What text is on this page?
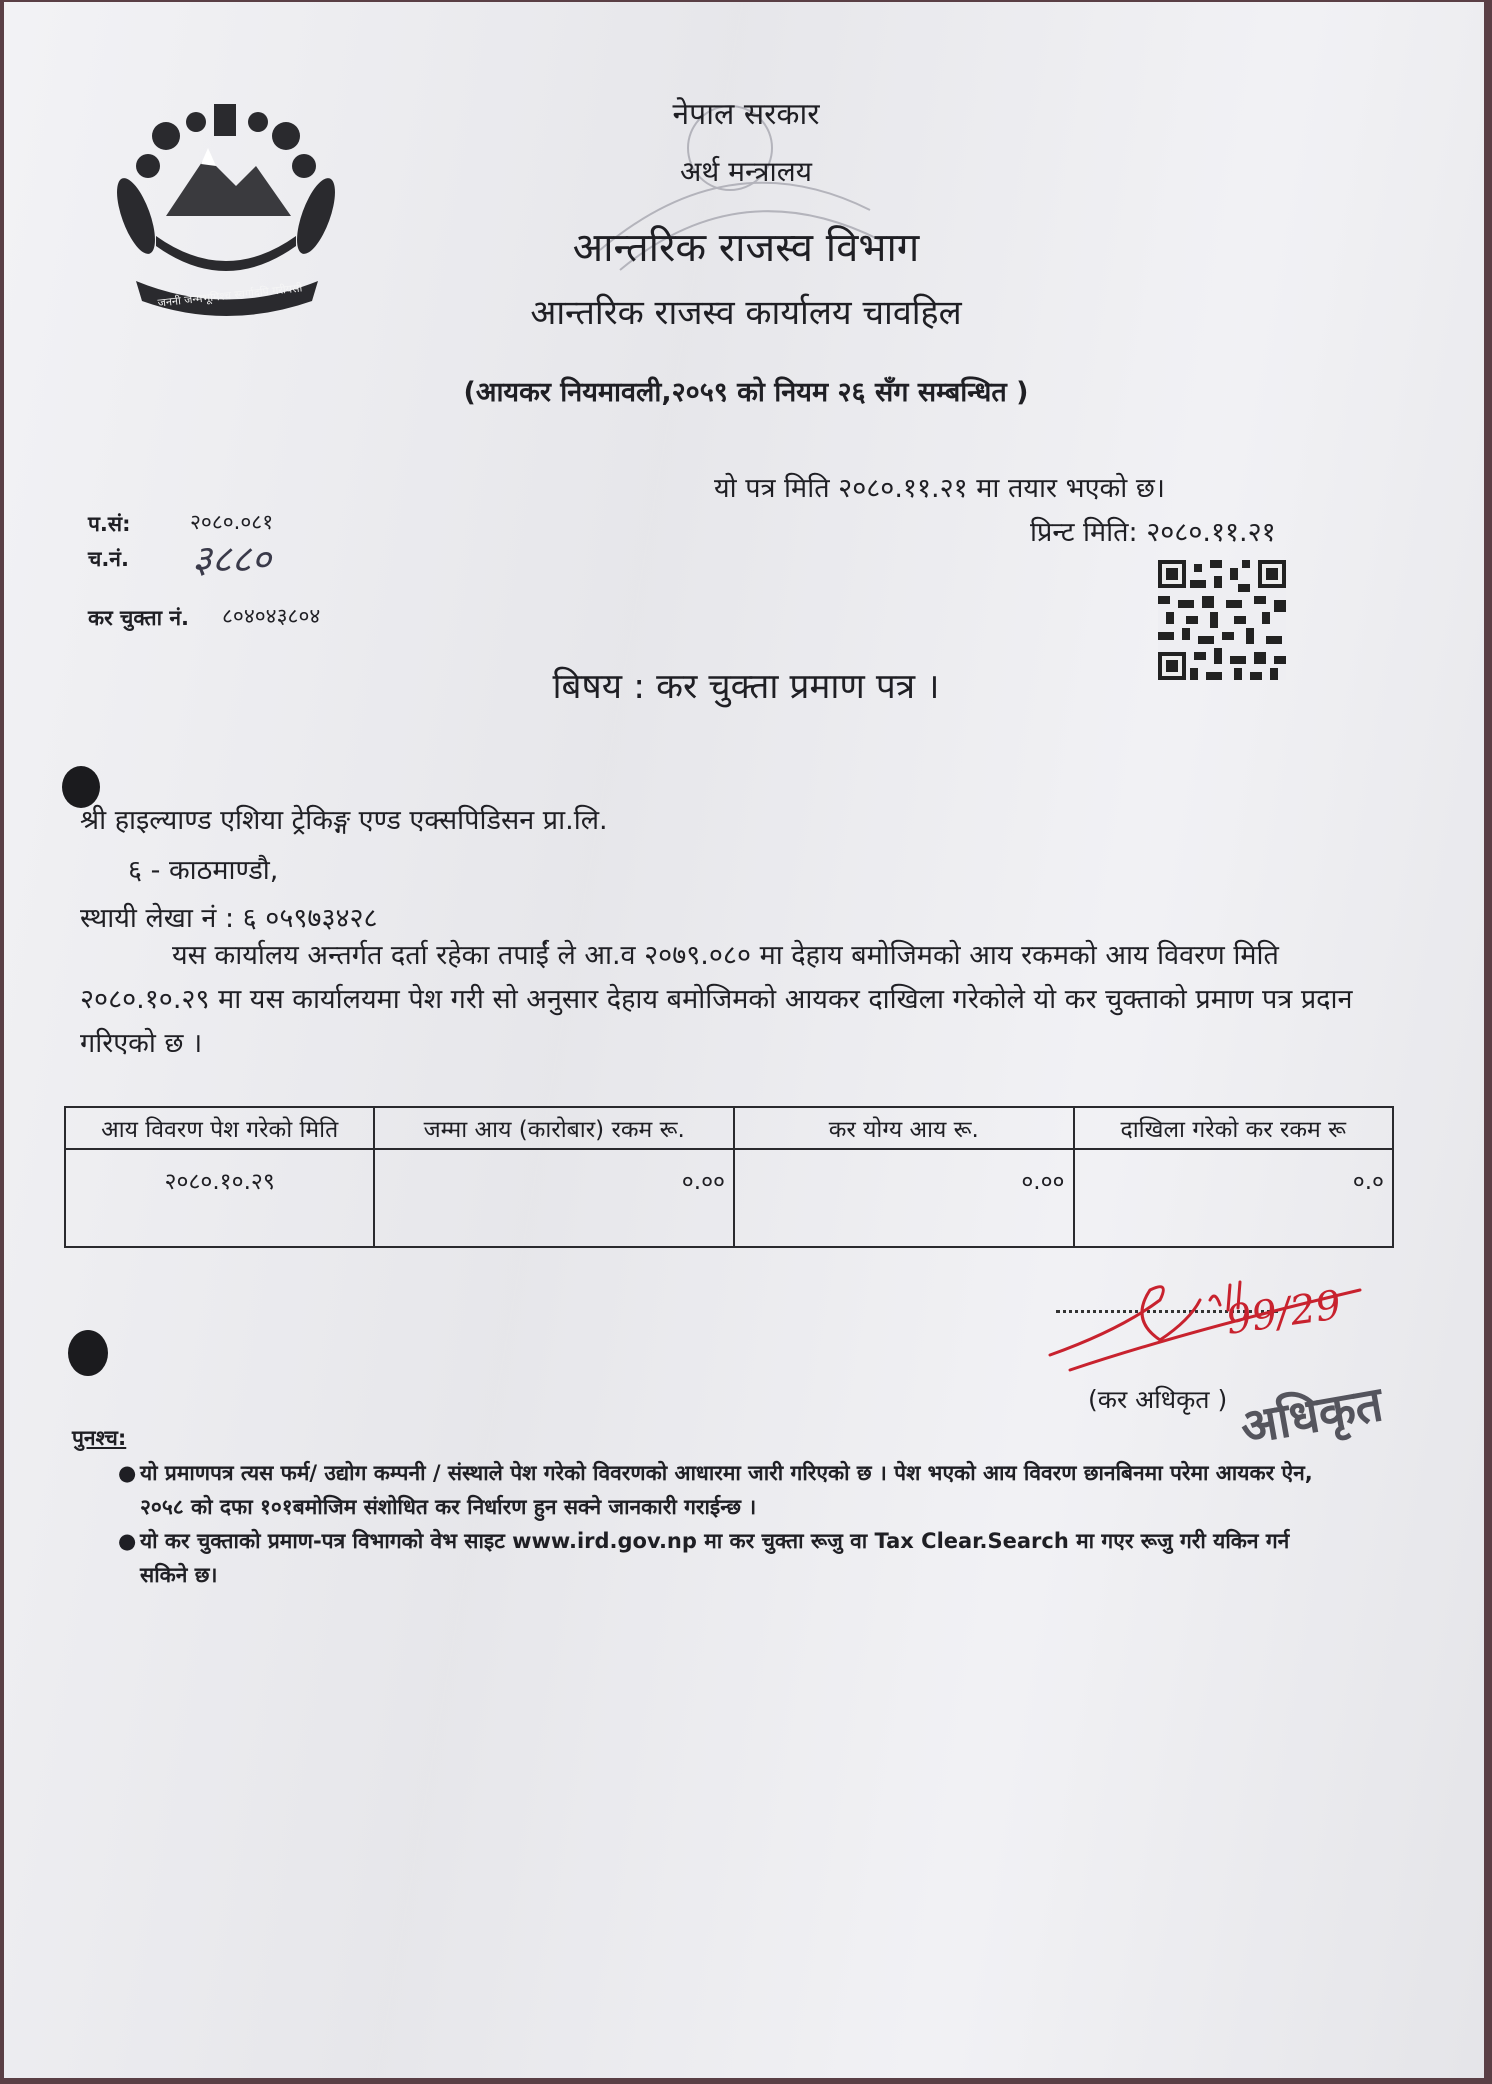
जननी जन्मभूमिश्च स्वर्गादपि गरीयसी
नेपाल सरकार
अर्थ मन्त्रालय
आन्तरिक राजस्व विभाग
आन्तरिक राजस्व कार्यालय चावहिल
(आयकर नियमावली,२०५९ को नियम २६ सँग सम्बन्धित )
यो पत्र मिति २०८०.११.२१ मा तयार भएको छ।
प्रिन्ट मिति: २०८०.११.२१
प.सं:	२०८०.०८१
च.नं. ३८८०
कर चुक्ता नं. ८०४०४३८०४
बिषय : कर चुक्ता प्रमाण पत्र ।
श्री हाइल्याण्ड एशिया ट्रेकिङ्ग एण्ड एक्सपिडिसन प्रा.लि.
६ - काठमाण्डौ,
स्थायी लेखा नं : ६ ०५९७३४२८
यस कार्यालय अन्तर्गत दर्ता रहेका तपाईं ले आ.व २०७९.०८० मा देहाय बमोजिमको आय रकमको आय विवरण मिति २०८०.१०.२९ मा यस कार्यालयमा पेश गरी सो अनुसार देहाय बमोजिमको आयकर दाखिला गरेकोले यो कर चुक्ताको प्रमाण पत्र प्रदान गरिएको छ ।
आय विवरण पेश गरेको मिति	जम्मा आय (कारोबार) रकम रू.	कर योग्य आय रू.	दाखिला गरेको कर रकम रू
२०८०.१०.२९	०.००	०.००	०.०
99/29
(कर अधिकृत ) अधिकृत
पुनश्च:
● यो प्रमाणपत्र त्यस फर्म/ उद्योग कम्पनी / संस्थाले पेश गरेको विवरणको आधारमा जारी गरिएको छ । पेश भएको आय विवरण छानबिनमा परेमा आयकर ऐन, २०५८ को दफा १०१बमोजिम संशोधित कर निर्धारण हुन सक्ने जानकारी गराईन्छ ।
● यो कर चुक्ताको प्रमाण-पत्र विभागको वेभ साइट www.ird.gov.np मा कर चुक्ता रूजु वा Tax Clear.Search मा गएर रूजु गरी यकिन गर्न सकिने छ।
